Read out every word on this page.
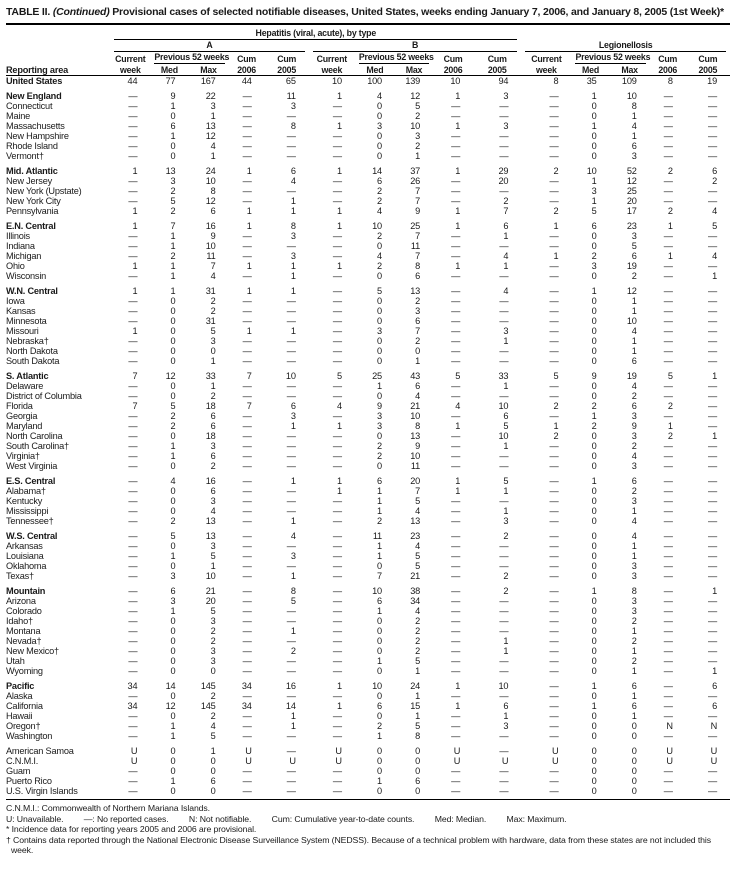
TABLE II. (Continued) Provisional cases of selected notifiable diseases, United States, weeks ending January 7, 2006, and January 8, 2005 (1st Week)*
Reporting area	Hepatitis (viral, acute), by type														

	A					B					Legionellosis				

	Current	Previous 52 weeks		Cum	Cum	Current	Previous 52 weeks		Cum	Cum	Current	Previous 52 weeks		Cum	Cum
	week	Med	Max	2006	2005	week	Med	Max	2006	2005	week	Med	Max	2006	2005
United States	44	77	167	44	65	10	100	139	10	94	8	35	109	8	19

New England	—	9	22	—	11	1	4	12	1	3	—	1	10	—	—
Connecticut	—	1	3	—	3	—	0	5	—	—	—	0	8	—	—
Maine	—	0	1	—	—	—	0	2	—	—	—	0	1	—	—
Massachusetts	—	6	13	—	8	1	3	10	1	3	—	1	4	—	—
New Hampshire	—	1	12	—	—	—	0	3	—	—	—	0	1	—	—
Rhode Island	—	0	4	—	—	—	0	2	—	—	—	0	6	—	—
Vermont†	—	0	1	—	—	—	0	1	—	—	—	0	3	—	—

Mid. Atlantic	1	13	24	1	6	1	14	37	1	29	2	10	52	2	6
New Jersey	—	3	10	—	4	—	6	26	—	20	—	1	12	—	2
New York (Upstate)	—	2	8	—	—	—	2	7	—	—	—	3	25	—	—
New York City	—	5	12	—	1	—	2	7	—	2	—	1	20	—	—
Pennsylvania	1	2	6	1	1	1	4	9	1	7	2	5	17	2	4

E.N. Central	1	7	16	1	8	1	10	25	1	6	1	6	23	1	5
Illinois	—	1	9	—	3	—	2	7	—	1	—	0	3	—	—
Indiana	—	1	10	—	—	—	0	11	—	—	—	0	5	—	—
Michigan	—	2	11	—	3	—	4	7	—	4	1	2	6	1	4
Ohio	1	1	7	1	1	1	2	8	1	1	—	3	19	—	—
Wisconsin	—	1	4	—	1	—	0	6	—	—	—	0	2	—	1

W.N. Central	1	1	31	1	1	—	5	13	—	4	—	1	12	—	—
Iowa	—	0	2	—	—	—	0	2	—	—	—	0	1	—	—
Kansas	—	0	2	—	—	—	0	3	—	—	—	0	1	—	—
Minnesota	—	0	31	—	—	—	0	6	—	—	—	0	10	—	—
Missouri	1	0	5	1	1	—	3	7	—	3	—	0	4	—	—
Nebraska†	—	0	3	—	—	—	0	2	—	1	—	0	1	—	—
North Dakota	—	0	0	—	—	—	0	0	—	—	—	0	1	—	—
South Dakota	—	0	1	—	—	—	0	1	—	—	—	0	6	—	—

S. Atlantic	7	12	33	7	10	5	25	43	5	33	5	9	19	5	1
Delaware	—	0	1	—	—	—	1	6	—	1	—	0	4	—	—
District of Columbia	—	0	2	—	—	—	0	4	—	—	—	0	2	—	—
Florida	7	5	18	7	6	4	9	21	4	10	2	2	6	2	—
Georgia	—	2	6	—	3	—	3	10	—	6	—	1	3	—	—
Maryland	—	2	6	—	1	1	3	8	1	5	1	2	9	1	—
North Carolina	—	0	18	—	—	—	0	13	—	10	2	0	3	2	1
South Carolina†	—	1	3	—	—	—	2	9	—	1	—	0	2	—	—
Virginia†	—	1	6	—	—	—	2	10	—	—	—	0	4	—	—
West Virginia	—	0	2	—	—	—	0	11	—	—	—	0	3	—	—

E.S. Central	—	4	16	—	1	1	6	20	1	5	—	1	6	—	—
Alabama†	—	0	6	—	—	1	1	7	1	1	—	0	2	—	—
Kentucky	—	0	3	—	—	—	1	5	—	—	—	0	3	—	—
Mississippi	—	0	4	—	—	—	1	4	—	1	—	0	1	—	—
Tennessee†	—	2	13	—	1	—	2	13	—	3	—	0	4	—	—

W.S. Central	—	5	13	—	4	—	11	23	—	2	—	0	4	—	—
Arkansas	—	0	3	—	—	—	1	4	—	—	—	0	1	—	—
Louisiana	—	1	5	—	3	—	1	5	—	—	—	0	1	—	—
Oklahoma	—	0	1	—	—	—	0	5	—	—	—	0	3	—	—
Texas†	—	3	10	—	1	—	7	21	—	2	—	0	3	—	—

Mountain	—	6	21	—	8	—	10	38	—	2	—	1	8	—	1
Arizona	—	3	20	—	5	—	6	34	—	—	—	0	3	—	—
Colorado	—	1	5	—	—	—	1	4	—	—	—	0	3	—	—
Idaho†	—	0	3	—	—	—	0	2	—	—	—	0	2	—	—
Montana	—	0	2	—	1	—	0	2	—	—	—	0	1	—	—
Nevada†	—	0	2	—	—	—	0	2	—	1	—	0	2	—	—
New Mexico†	—	0	3	—	2	—	0	2	—	1	—	0	1	—	—
Utah	—	0	3	—	—	—	1	5	—	—	—	0	2	—	—
Wyoming	—	0	0	—	—	—	0	1	—	—	—	0	1	—	1

Pacific	34	14	145	34	16	1	10	24	1	10	—	1	6	—	6
Alaska	—	0	2	—	—	—	0	1	—	—	—	0	1	—	—
California	34	12	145	34	14	1	6	15	1	6	—	1	6	—	6
Hawaii	—	0	2	—	1	—	0	1	—	1	—	0	1	—	—
Oregon†	—	1	4	—	1	—	2	5	—	3	—	0	0	N	N
Washington	—	1	5	—	—	—	1	8	—	—	—	0	0	—	—

American Samoa	U	0	1	U	—	U	0	0	U	—	U	0	0	U	U
C.N.M.I.	U	0	0	U	U	U	0	0	U	U	U	0	0	U	U
Guam	—	0	0	—	—	—	0	0	—	—	—	0	0	—	—
Puerto Rico	—	1	6	—	—	—	1	6	—	—	—	0	0	—	—
U.S. Virgin Islands	—	0	0	—	—	—	0	0	—	—	—	0	0	—	—
C.N.M.I.: Commonwealth of Northern Mariana Islands.
U: Unavailable. —: No reported cases. N: Not notifiable. Cum: Cumulative year-to-date counts. Med: Median. Max: Maximum.
* Incidence data for reporting years 2005 and 2006 are provisional.
† Contains data reported through the National Electronic Disease Surveillance System (NEDSS). Because of a technical problem with hardware, data from these states are not included this week.
